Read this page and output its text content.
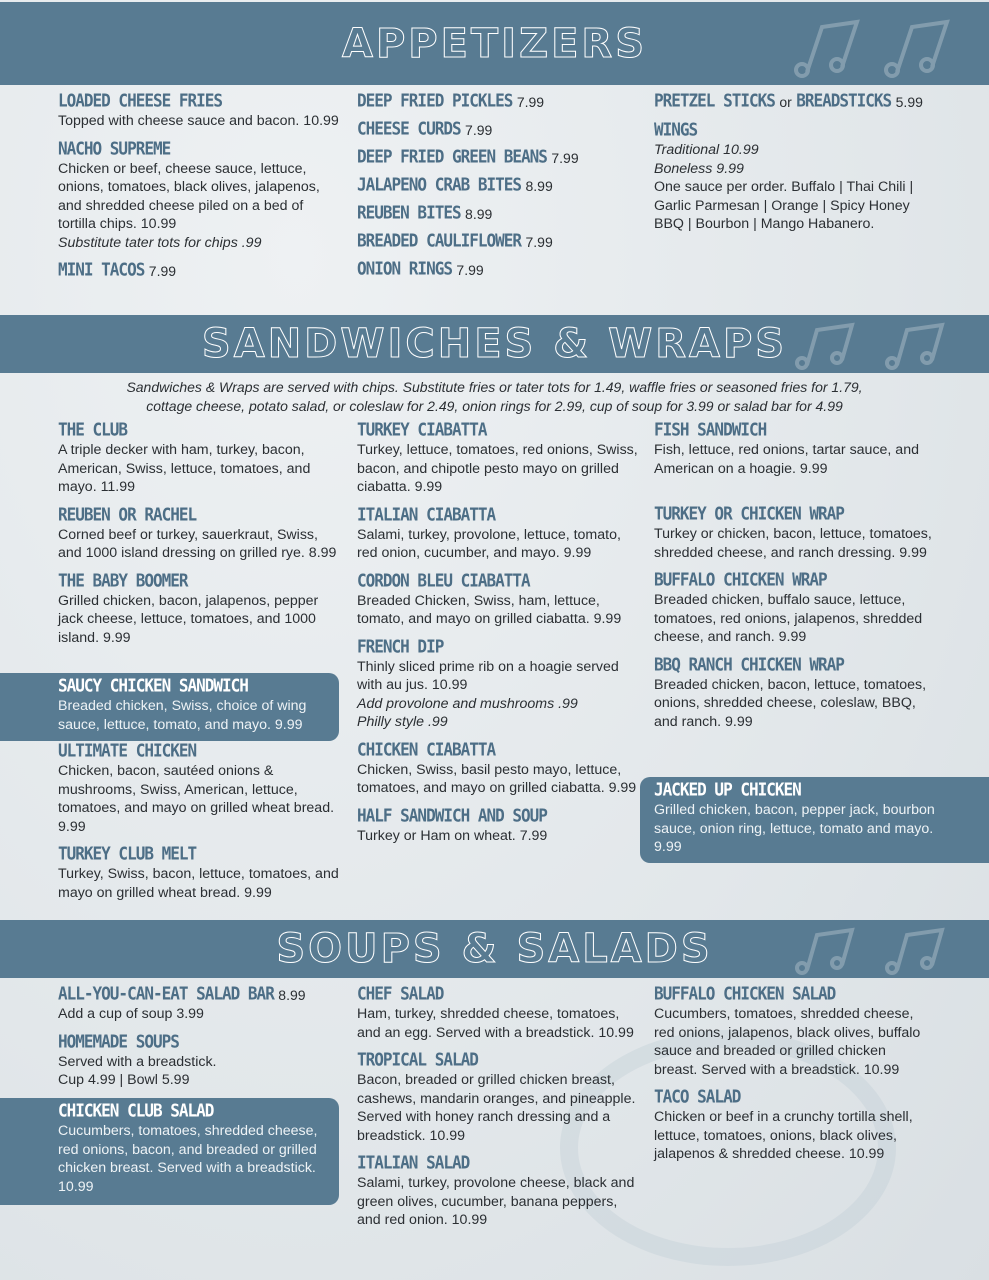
APPETIZERS
LOADED CHEESE FRIES
Topped with cheese sauce and bacon. 10.99
NACHO SUPREME
Chicken or beef, cheese sauce, lettuce, onions, tomatoes, black olives, jalapenos, and shredded cheese piled on a bed of tortilla chips. 10.99
Substitute tater tots for chips .99
MINI TACOS 7.99
DEEP FRIED PICKLES 7.99
CHEESE CURDS 7.99
DEEP FRIED GREEN BEANS 7.99
JALAPENO CRAB BITES 8.99
REUBEN BITES 8.99
BREADED CAULIFLOWER 7.99
ONION RINGS 7.99
PRETZEL STICKS or BREADSTICKS 5.99
WINGS
Traditional 10.99
Boneless 9.99
One sauce per order. Buffalo | Thai Chili | Garlic Parmesan | Orange | Spicy Honey BBQ | Bourbon | Mango Habanero.
SANDWICHES & WRAPS
Sandwiches & Wraps are served with chips. Substitute fries or tater tots for 1.49, waffle fries or seasoned fries for 1.79,
cottage cheese, potato salad, or coleslaw for 2.49, onion rings for 2.99, cup of soup for 3.99 or salad bar for 4.99
THE CLUB
A triple decker with ham, turkey, bacon, American, Swiss, lettuce, tomatoes, and mayo. 11.99
REUBEN OR RACHEL
Corned beef or turkey, sauerkraut, Swiss, and 1000 island dressing on grilled rye. 8.99
THE BABY BOOMER
Grilled chicken, bacon, jalapenos, pepper jack cheese, lettuce, tomatoes, and 1000 island. 9.99
SAUCY CHICKEN SANDWICH
Breaded chicken, Swiss, choice of wing sauce, lettuce, tomato, and mayo. 9.99
ULTIMATE CHICKEN
Chicken, bacon, sautéed onions & mushrooms, Swiss, American, lettuce, tomatoes, and mayo on grilled wheat bread. 9.99
TURKEY CLUB MELT
Turkey, Swiss, bacon, lettuce, tomatoes, and mayo on grilled wheat bread. 9.99
TURKEY CIABATTA
Turkey, lettuce, tomatoes, red onions, Swiss, bacon, and chipotle pesto mayo on grilled ciabatta. 9.99
ITALIAN CIABATTA
Salami, turkey, provolone, lettuce, tomato, red onion, cucumber, and mayo. 9.99
CORDON BLEU CIABATTA
Breaded Chicken, Swiss, ham, lettuce, tomato, and mayo on grilled ciabatta. 9.99
FRENCH DIP
Thinly sliced prime rib on a hoagie served with au jus. 10.99
Add provolone and mushrooms .99
Philly style .99
CHICKEN CIABATTA
Chicken, Swiss, basil pesto mayo, lettuce, tomatoes, and mayo on grilled ciabatta. 9.99
HALF SANDWICH AND SOUP
Turkey or Ham on wheat. 7.99
FISH SANDWICH
Fish, lettuce, red onions, tartar sauce, and American on a hoagie. 9.99
TURKEY OR CHICKEN WRAP
Turkey or chicken, bacon, lettuce, tomatoes, shredded cheese, and ranch dressing. 9.99
BUFFALO CHICKEN WRAP
Breaded chicken, buffalo sauce, lettuce, tomatoes, red onions, jalapenos, shredded cheese, and ranch. 9.99
BBQ RANCH CHICKEN WRAP
Breaded chicken, bacon, lettuce, tomatoes, onions, shredded cheese, coleslaw, BBQ, and ranch. 9.99
JACKED UP CHICKEN
Grilled chicken, bacon, pepper jack, bourbon sauce, onion ring, lettuce, tomato and mayo. 9.99
SOUPS & SALADS
ALL-YOU-CAN-EAT SALAD BAR 8.99
Add a cup of soup 3.99
HOMEMADE SOUPS
Served with a breadstick.
Cup 4.99 | Bowl 5.99
CHICKEN CLUB SALAD
Cucumbers, tomatoes, shredded cheese, red onions, bacon, and breaded or grilled chicken breast. Served with a breadstick. 10.99
CHEF SALAD
Ham, turkey, shredded cheese, tomatoes, and an egg. Served with a breadstick. 10.99
TROPICAL SALAD
Bacon, breaded or grilled chicken breast, cashews, mandarin oranges, and pineapple. Served with honey ranch dressing and a breadstick. 10.99
ITALIAN SALAD
Salami, turkey, provolone cheese, black and green olives, cucumber, banana peppers, and red onion. 10.99
BUFFALO CHICKEN SALAD
Cucumbers, tomatoes, shredded cheese, red onions, jalapenos, black olives, buffalo sauce and breaded or grilled chicken breast. Served with a breadstick. 10.99
TACO SALAD
Chicken or beef in a crunchy tortilla shell, lettuce, tomatoes, onions, black olives, jalapenos & shredded cheese. 10.99
